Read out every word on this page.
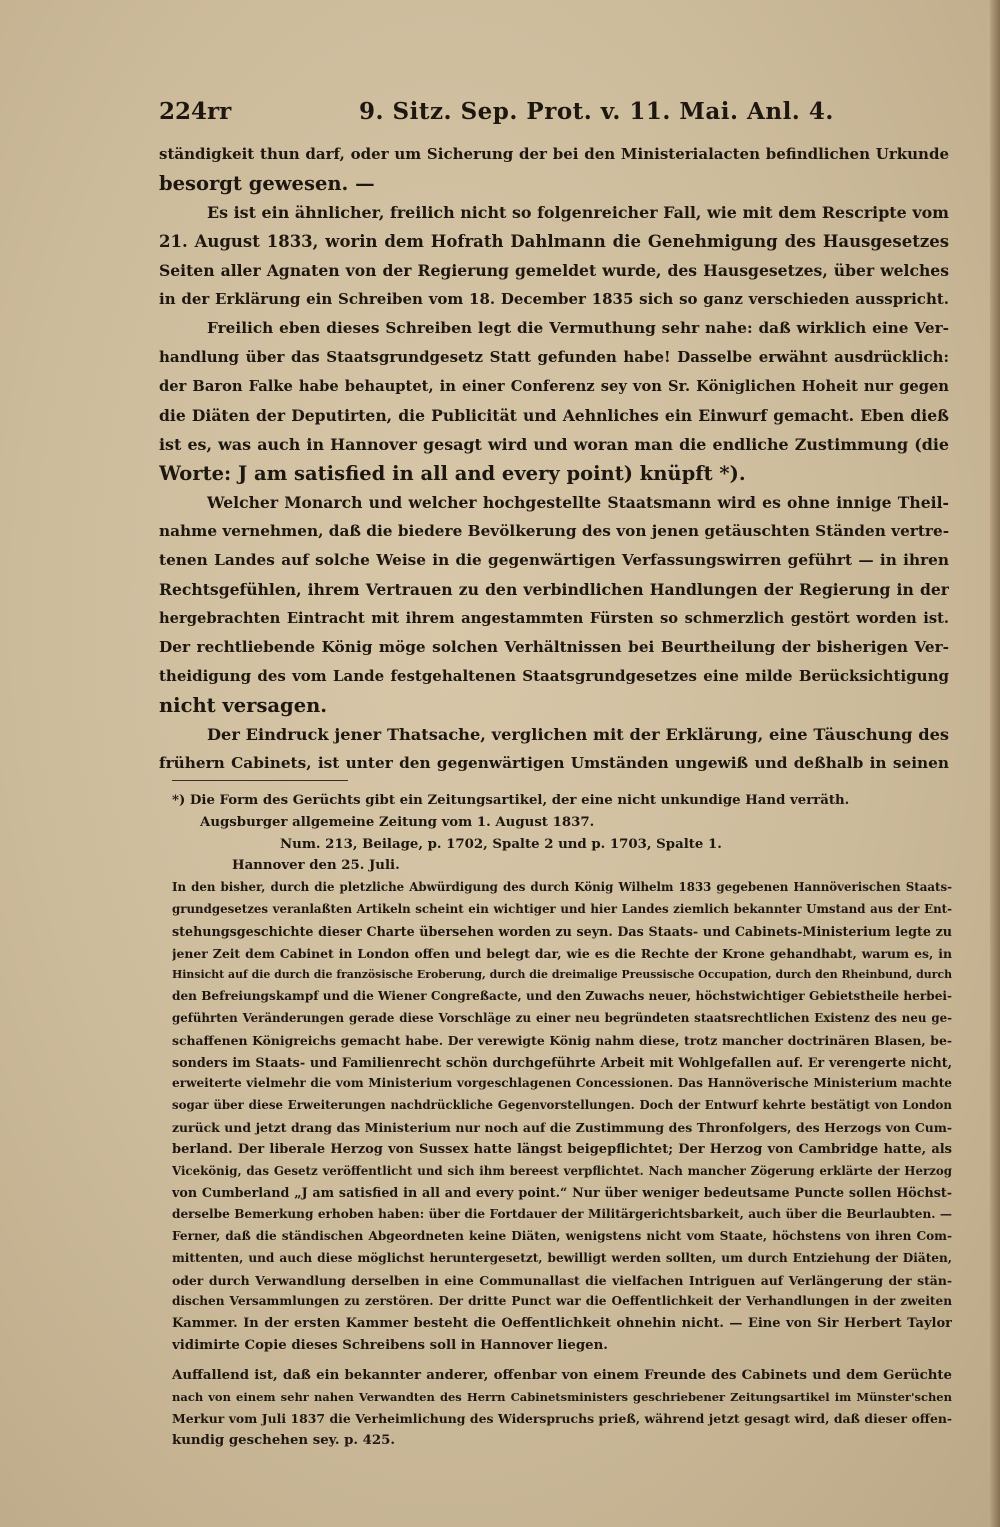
224rr	9. Sitz. Sep. Prot. v. 11. Mai. Anl. 4.
ständigkeit thun darf, oder um Sicherung der bei den Ministerialacten befindlichen Urkunde
besorgt gewesen. —
Es ist ein ähnlicher, freilich nicht so folgenreicher Fall, wie mit dem Rescripte vom
21. August 1833, worin dem Hofrath Dahlmann die Genehmigung des Hausgesetzes
Seiten aller Agnaten von der Regierung gemeldet wurde, des Hausgesetzes, über welches
in der Erklärung ein Schreiben vom 18. December 1835 sich so ganz verschieden ausspricht.
Freilich eben dieses Schreiben legt die Vermuthung sehr nahe: daß wirklich eine Ver-
handlung über das Staatsgrundgesetz Statt gefunden habe! Dasselbe erwähnt ausdrücklich:
der Baron Falke habe behauptet, in einer Conferenz sey von Sr. Königlichen Hoheit nur gegen
die Diäten der Deputirten, die Publicität und Aehnliches ein Einwurf gemacht. Eben dieß
ist es, was auch in Hannover gesagt wird und woran man die endliche Zustimmung (die
Worte: J am satisfied in all and every point) knüpft *).
Welcher Monarch und welcher hochgestellte Staatsmann wird es ohne innige Theil-
nahme vernehmen, daß die biedere Bevölkerung des von jenen getäuschten Ständen vertre-
tenen Landes auf solche Weise in die gegenwärtigen Verfassungswirren geführt — in ihren
Rechtsgefühlen, ihrem Vertrauen zu den verbindlichen Handlungen der Regierung in der
hergebrachten Eintracht mit ihrem angestammten Fürsten so schmerzlich gestört worden ist.
Der rechtliebende König möge solchen Verhältnissen bei Beurtheilung der bisherigen Ver-
theidigung des vom Lande festgehaltenen Staatsgrundgesetzes eine milde Berücksichtigung
nicht versagen.
Der Eindruck jener Thatsache, verglichen mit der Erklärung, eine Täuschung des
frühern Cabinets, ist unter den gegenwärtigen Umständen ungewiß und deßhalb in seinen
*) Die Form des Gerüchts gibt ein Zeitungsartikel, der eine nicht unkundige Hand verräth.
Augsburger allgemeine Zeitung vom 1. August 1837.
Num. 213, Beilage, p. 1702, Spalte 2 und p. 1703, Spalte 1.
Hannover den 25. Juli.
In den bisher, durch die pletzliche Abwürdigung des durch König Wilhelm 1833 gegebenen Hannöverischen Staats-
grundgesetzes veranlaßten Artikeln scheint ein wichtiger und hier Landes ziemlich bekannter Umstand aus der Ent-
stehungsgeschichte dieser Charte übersehen worden zu seyn. Das Staats- und Cabinets-Ministerium legte zu
jener Zeit dem Cabinet in London offen und belegt dar, wie es die Rechte der Krone gehandhabt, warum es, in
Hinsicht auf die durch die französische Eroberung, durch die dreimalige Preussische Occupation, durch den Rheinbund, durch
den Befreiungskampf und die Wiener Congreßacte, und den Zuwachs neuer, höchstwichtiger Gebietstheile herbei-
geführten Veränderungen gerade diese Vorschläge zu einer neu begründeten staatsrechtlichen Existenz des neu ge-
schaffenen Königreichs gemacht habe. Der verewigte König nahm diese, trotz mancher doctrinären Blasen, be-
sonders im Staats- und Familienrecht schön durchgeführte Arbeit mit Wohlgefallen auf. Er verengerte nicht,
erweiterte vielmehr die vom Ministerium vorgeschlagenen Concessionen. Das Hannöverische Ministerium machte
sogar über diese Erweiterungen nachdrückliche Gegenvorstellungen. Doch der Entwurf kehrte bestätigt von London
zurück und jetzt drang das Ministerium nur noch auf die Zustimmung des Thronfolgers, des Herzogs von Cum-
berland. Der liberale Herzog von Sussex hatte längst beigepflichtet; Der Herzog von Cambridge hatte, als
Vicekönig, das Gesetz veröffentlicht und sich ihm bereest verpflichtet. Nach mancher Zögerung erklärte der Herzog
von Cumberland „J am satisfied in all and every point.“ Nur über weniger bedeutsame Puncte sollen Höchst-
derselbe Bemerkung erhoben haben: über die Fortdauer der Militärgerichtsbarkeit, auch über die Beurlaubten. —
Ferner, daß die ständischen Abgeordneten keine Diäten, wenigstens nicht vom Staate, höchstens von ihren Com-
mittenten, und auch diese möglichst heruntergesetzt, bewilligt werden sollten, um durch Entziehung der Diäten,
oder durch Verwandlung derselben in eine Communallast die vielfachen Intriguen auf Verlängerung der stän-
dischen Versammlungen zu zerstören. Der dritte Punct war die Oeffentlichkeit der Verhandlungen in der zweiten
Kammer. In der ersten Kammer besteht die Oeffentlichkeit ohnehin nicht. — Eine von Sir Herbert Taylor
vidimirte Copie dieses Schreibens soll in Hannover liegen.
Auffallend ist, daß ein bekannter anderer, offenbar von einem Freunde des Cabinets und dem Gerüchte
nach von einem sehr nahen Verwandten des Herrn Cabinetsministers geschriebener Zeitungsartikel im Münster'schen
Merkur vom Juli 1837 die Verheimlichung des Widerspruchs prieß, während jetzt gesagt wird, daß dieser offen-
kundig geschehen sey. p. 425.
